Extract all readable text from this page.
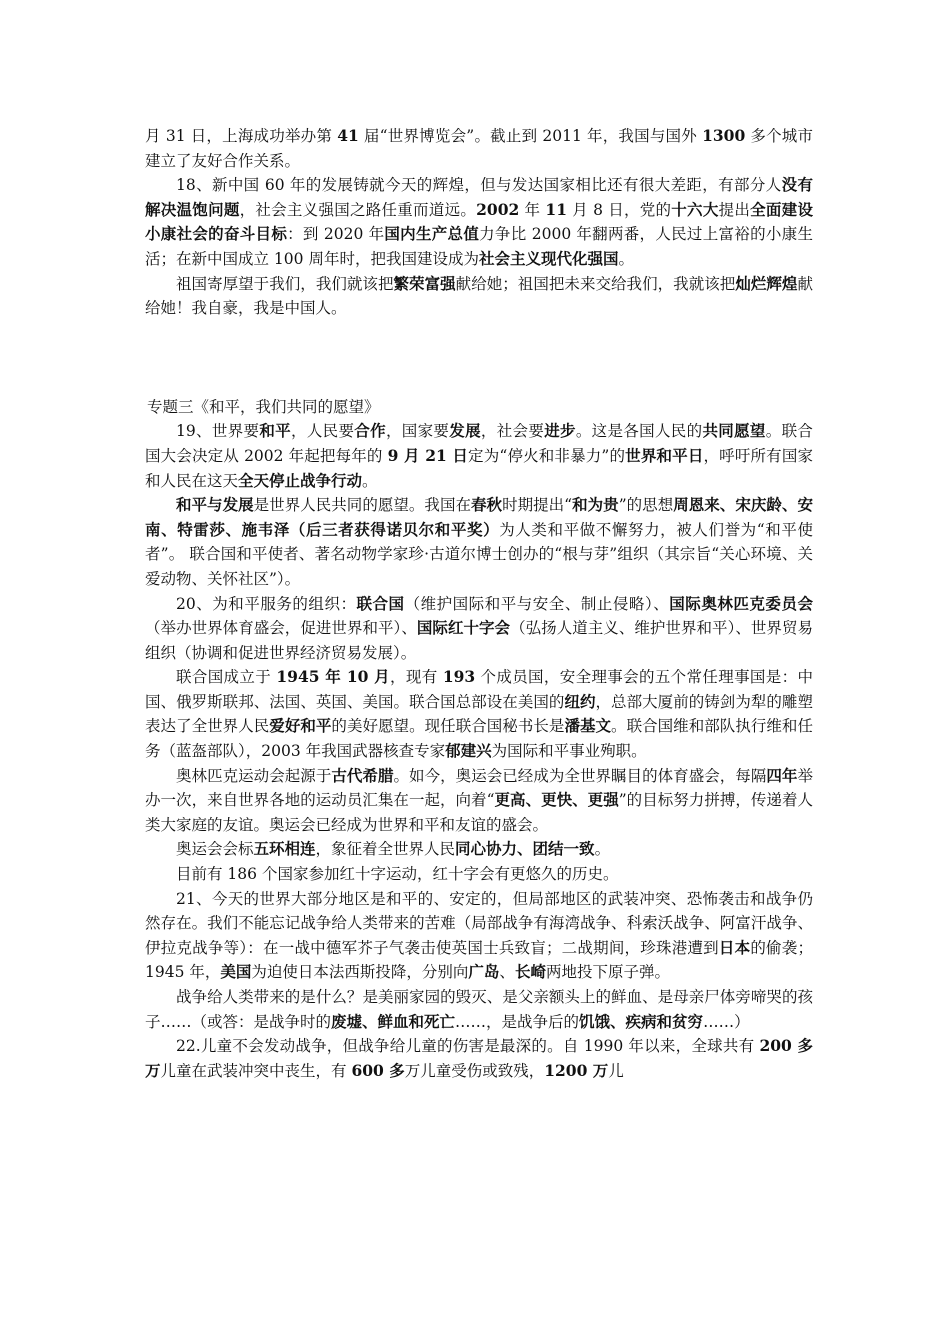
月 31 日，上海成功举办第 41 届“世界博览会”。截止到 2011 年，我国与国外 1300 多个城市建立了友好合作关系。

18、新中国 60 年的发展铸就今天的辉煌，但与发达国家相比还有很大差距，有部分人没有解决温饱问题，社会主义强国之路任重而道远。2002 年 11 月 8 日，党的十六大提出全面建设小康社会的奋斗目标：到 2020 年国内生产总值力争比 2000 年翻两番，人民过上富裕的小康生活；在新中国成立 100 周年时，把我国建设成为社会主义现代化强国。

祖国寄厚望于我们，我们就该把繁荣富强献给她；祖国把未来交给我们，我就该把灿烂辉煌献给她！我自豪，我是中国人。

专题三《和平，我们共同的愿望》

19、世界要和平，人民要合作，国家要发展，社会要进步。这是各国人民的共同愿望。联合国大会决定从 2002 年起把每年的 9 月 21 日定为“停火和非暴力”的世界和平日，呼吁所有国家和人民在这天全天停止战争行动。

和平与发展是世界人民共同的愿望。我国在春秋时期提出“和为贵”的思想周恩来、宋庆龄、安南、特雷莎、施韦泽（后三者获得诺贝尔和平奖）为人类和平做不懈努力，被人们誉为“和平使者”。 联合国和平使者、著名动物学家珍·古道尔博士创办的“根与芽”组织（其宗旨“关心环境、关爱动物、关怀社区”）。

20、为和平服务的组织：联合国（维护国际和平与安全、制止侵略）、国际奥林匹克委员会（举办世界体育盛会，促进世界和平）、国际红十字会（弘扬人道主义、维护世界和平）、世界贸易组织（协调和促进世界经济贸易发展）。

联合国成立于 1945 年 10 月，现有 193 个成员国，安全理事会的五个常任理事国是：中国、俄罗斯联邦、法国、英国、美国。联合国总部设在美国的纽约，总部大厦前的铸剑为犁的雕塑表达了全世界人民爱好和平的美好愿望。现任联合国秘书长是潘基文。联合国维和部队执行维和任务（蓝盔部队），2003 年我国武器核查专家郁建兴为国际和平事业殉职。

奥林匹克运动会起源于古代希腊。如今，奥运会已经成为全世界瞩目的体育盛会，每隔四年举办一次，来自世界各地的运动员汇集在一起，向着“更高、更快、更强”的目标努力拼搏，传递着人类大家庭的友谊。奥运会已经成为世界和平和友谊的盛会。

奥运会会标五环相连，象征着全世界人民同心协力、团结一致。

目前有 186 个国家参加红十字运动，红十字会有更悠久的历史。

21、今天的世界大部分地区是和平的、安定的，但局部地区的武装冲突、恐怖袭击和战争仍然存在。我们不能忘记战争给人类带来的苦难（局部战争有海湾战争、科索沃战争、阿富汗战争、伊拉克战争等）：在一战中德军芥子气袭击使英国士兵致盲；二战期间，珍珠港遭到日本的偷袭；1945 年，美国为迫使日本法西斯投降，分别向广岛、长崎两地投下原子弹。

战争给人类带来的是什么？是美丽家园的毁灭、是父亲额头上的鲜血、是母亲尸体旁啼哭的孩子……（或答：是战争时的废墟、鲜血和死亡……，是战争后的饥饿、疾病和贫穷……）

22.儿童不会发动战争，但战争给儿童的伤害是最深的。自 1990 年以来，全球共有 200 多万儿童在武装冲突中丧生，有 600 多万儿童受伤或致残，1200 万儿
